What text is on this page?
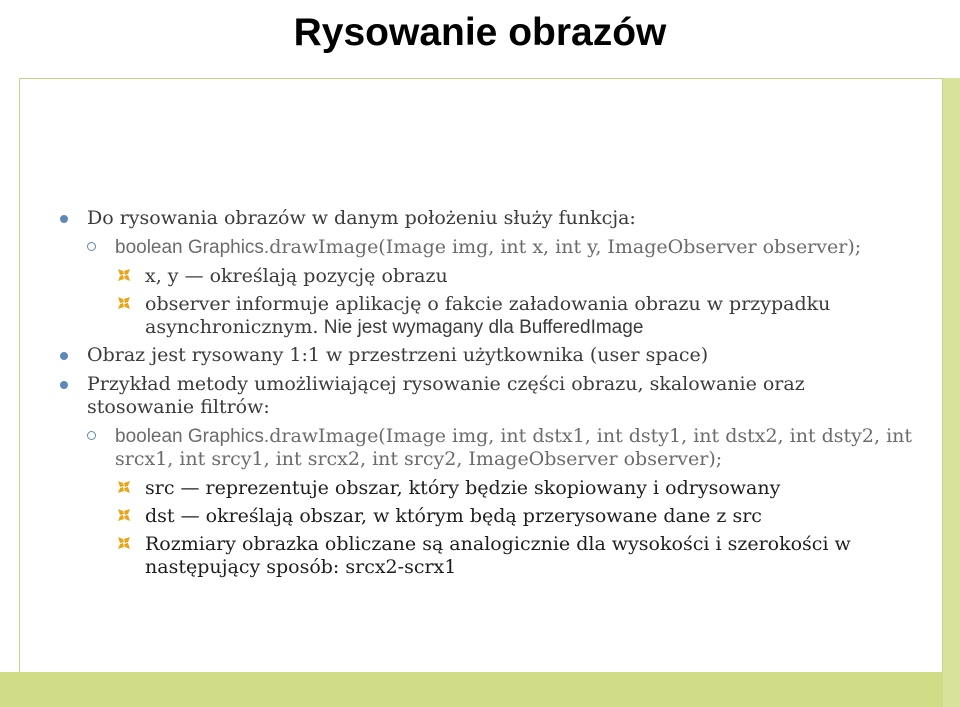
Rysowanie obrazów

Do rysowania obrazów w danym położeniu służy funkcja:

boolean Graphics.drawImage(Image img, int x, int y, ImageObserver observer);

x, y — określają pozycję obrazu

observer informuje aplikację o fakcie załadowania obrazu w przypadku asynchronicznym. Nie jest wymagany dla BufferedImage

Obraz jest rysowany 1:1 w przestrzeni użytkownika (user space)

Przykład metody umożliwiającej rysowanie części obrazu, skalowanie oraz stosowanie filtrów:

boolean Graphics.drawImage(Image img, int dstx1, int dsty1, int dstx2, int dsty2, int srcx1, int srcy1, int srcx2, int srcy2, ImageObserver observer);

src — reprezentuje obszar, który będzie skopiowany i odrysowany

dst — określają obszar, w którym będą przerysowane dane z src

Rozmiary obrazka obliczane są analogicznie dla wysokości i szerokości w następujący sposób: srcx2-scrx1
